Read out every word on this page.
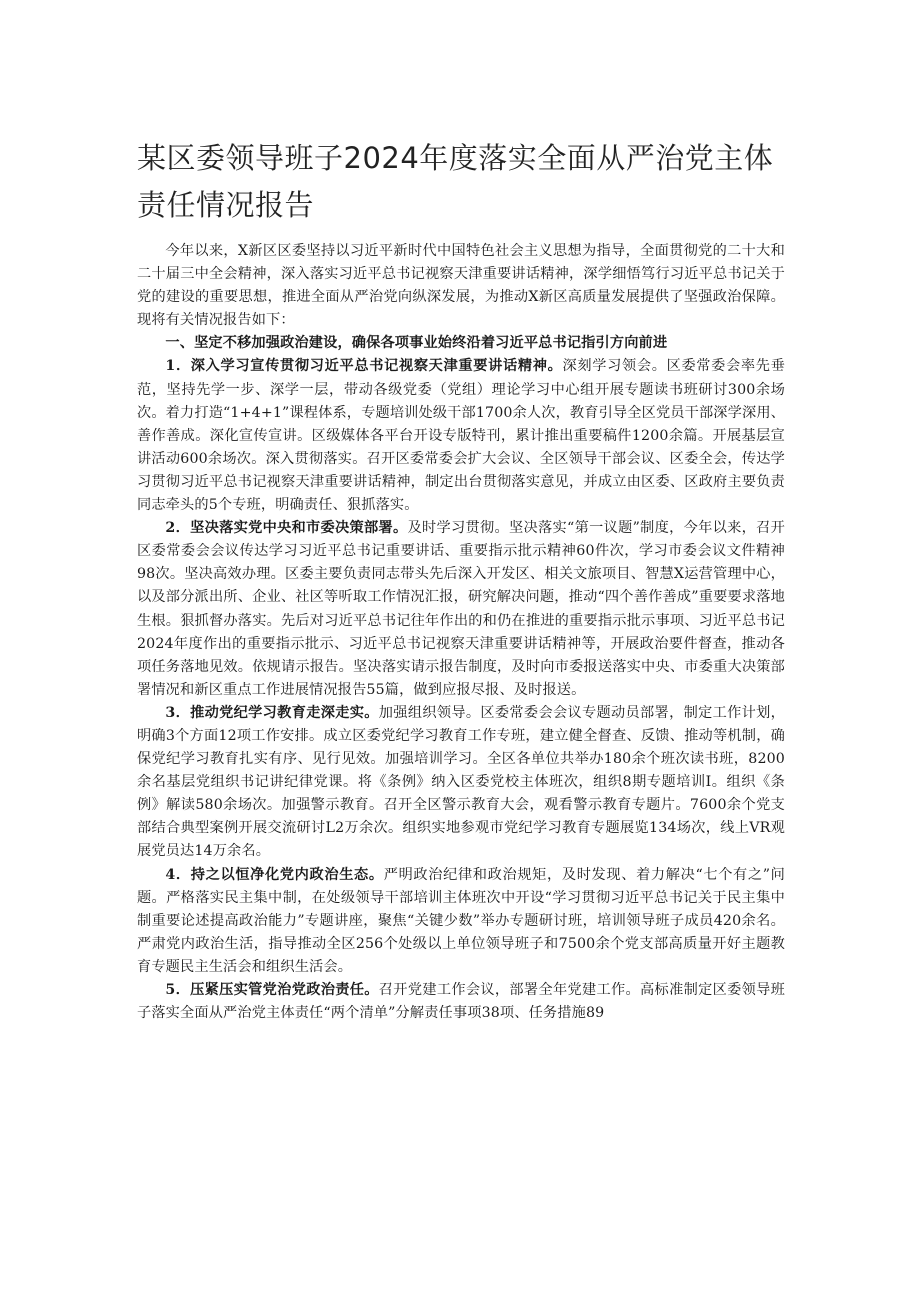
某区委领导班子2024年度落实全面从严治党主体责任情况报告

今年以来，X新区区委坚持以习近平新时代中国特色社会主义思想为指导，全面贯彻党的二十大和二十届三中全会精神，深入落实习近平总书记视察天津重要讲话精神，深学细悟笃行习近平总书记关于党的建设的重要思想，推进全面从严治党向纵深发展，为推动X新区高质量发展提供了坚强政治保障。现将有关情况报告如下：

一、坚定不移加强政治建设，确保各项事业始终沿着习近平总书记指引方向前进

1．深入学习宣传贯彻习近平总书记视察天津重要讲话精神。深刻学习领会。区委常委会率先垂范，坚持先学一步、深学一层，带动各级党委（党组）理论学习中心组开展专题读书班研讨300余场次。着力打造“1+4+1”课程体系，专题培训处级干部1700余人次，教育引导全区党员干部深学深用、善作善成。深化宣传宣讲。区级媒体各平台开设专版特刊，累计推出重要稿件1200余篇。开展基层宣讲活动600余场次。深入贯彻落实。召开区委常委会扩大会议、全区领导干部会议、区委全会，传达学习贯彻习近平总书记视察天津重要讲话精神，制定出台贯彻落实意见，并成立由区委、区政府主要负责同志牵头的5个专班，明确责任、狠抓落实。

2．坚决落实党中央和市委决策部署。及时学习贯彻。坚决落实“第一议题”制度，今年以来，召开区委常委会会议传达学习习近平总书记重要讲话、重要指示批示精神60件次，学习市委会议文件精神98次。坚决高效办理。区委主要负责同志带头先后深入开发区、相关文旅项目、智慧X运营管理中心，以及部分派出所、企业、社区等听取工作情况汇报，研究解决问题，推动“四个善作善成”重要要求落地生根。狠抓督办落实。先后对习近平总书记往年作出的和仍在推进的重要指示批示事项、习近平总书记2024年度作出的重要指示批示、习近平总书记视察天津重要讲话精神等，开展政治要件督查，推动各项任务落地见效。依规请示报告。坚决落实请示报告制度，及时向市委报送落实中央、市委重大决策部署情况和新区重点工作进展情况报告55篇，做到应报尽报、及时报送。

3．推动党纪学习教育走深走实。加强组织领导。区委常委会会议专题动员部署，制定工作计划，明确3个方面12项工作安排。成立区委党纪学习教育工作专班，建立健全督查、反馈、推动等机制，确保党纪学习教育扎实有序、见行见效。加强培训学习。全区各单位共举办180余个班次读书班，8200余名基层党组织书记讲纪律党课。将《条例》纳入区委党校主体班次，组织8期专题培训I。组织《条例》解读580余场次。加强警示教育。召开全区警示教育大会，观看警示教育专题片。7600余个党支部结合典型案例开展交流研讨L2万余次。组织实地参观市党纪学习教育专题展览134场次，线上VR观展党员达14万余名。

4．持之以恒净化党内政治生态。严明政治纪律和政治规矩，及时发现、着力解决“七个有之”问题。严格落实民主集中制，在处级领导干部培训主体班次中开设“学习贯彻习近平总书记关于民主集中制重要论述提高政治能力”专题讲座，聚焦“关键少数”举办专题研讨班，培训领导班子成员420余名。严肃党内政治生活，指导推动全区256个处级以上单位领导班子和7500余个党支部高质量开好主题教育专题民主生活会和组织生活会。

5．压紧压实管党治党政治责任。召开党建工作会议，部署全年党建工作。高标准制定区委领导班子落实全面从严治党主体责任“两个清单”分解责任事项38项、任务措施89
